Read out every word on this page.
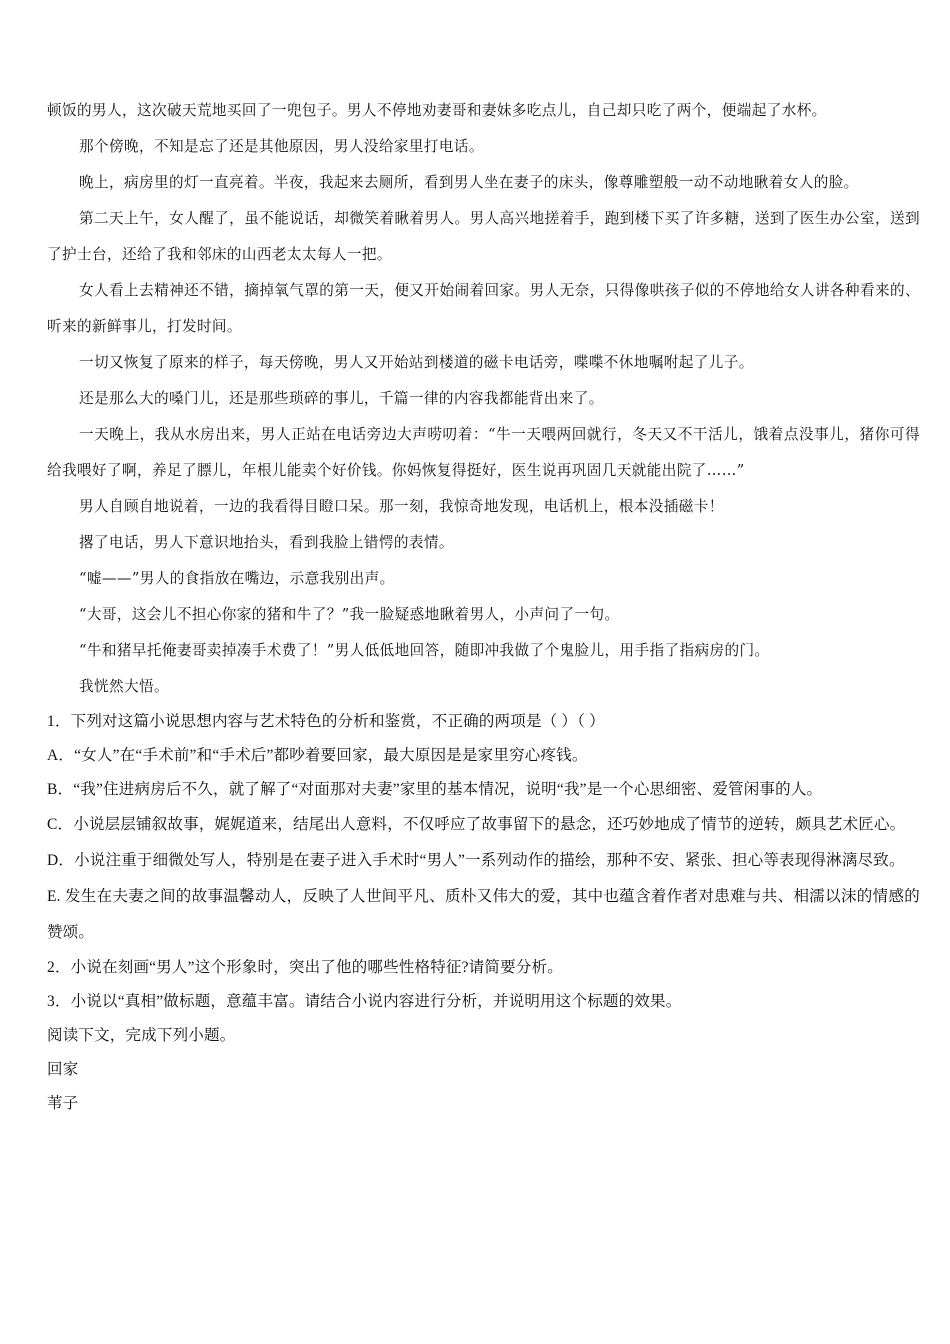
顿饭的男人，这次破天荒地买回了一兜包子。男人不停地劝妻哥和妻妹多吃点儿，自己却只吃了两个，便端起了水杯。

那个傍晚，不知是忘了还是其他原因，男人没给家里打电话。

晚上，病房里的灯一直亮着。半夜，我起来去厕所，看到男人坐在妻子的床头，像尊雕塑般一动不动地瞅着女人的脸。

第二天上午，女人醒了，虽不能说话，却微笑着瞅着男人。男人高兴地搓着手，跑到楼下买了许多糖，送到了医生办公室，送到了护士台，还给了我和邻床的山西老太太每人一把。

女人看上去精神还不错，摘掉氧气罩的第一天，便又开始闹着回家。男人无奈，只得像哄孩子似的不停地给女人讲各种看来的、听来的新鲜事儿，打发时间。

一切又恢复了原来的样子，每天傍晚，男人又开始站到楼道的磁卡电话旁，喋喋不休地嘱咐起了儿子。

还是那么大的嗓门儿，还是那些琐碎的事儿，千篇一律的内容我都能背出来了。

一天晚上，我从水房出来，男人正站在电话旁边大声唠叨着：“牛一天喂两回就行，冬天又不干活儿，饿着点没事儿，猪你可得给我喂好了啊，养足了膘儿，年根儿能卖个好价钱。你妈恢复得挺好，医生说再巩固几天就能出院了……”

男人自顾自地说着，一边的我看得目瞪口呆。那一刻，我惊奇地发现，电话机上，根本没插磁卡！

撂了电话，男人下意识地抬头，看到我脸上错愕的表情。

“嘘——”男人的食指放在嘴边，示意我别出声。

“大哥，这会儿不担心你家的猪和牛了？”我一脸疑惑地瞅着男人，小声问了一句。

“牛和猪早托俺妻哥卖掉凑手术费了！”男人低低地回答，随即冲我做了个鬼脸儿，用手指了指病房的门。

我恍然大悟。

1．下列对这篇小说思想内容与艺术特色的分析和鉴赏，不正确的两项是（ ）（ ）

A．“女人”在“手术前”和“手术后”都吵着要回家，最大原因是是家里穷心疼钱。

B．“我”住进病房后不久，就了解了“对面那对夫妻”家里的基本情况，说明“我”是一个心思细密、爱管闲事的人。

C．小说层层铺叙故事，娓娓道来，结尾出人意料，不仅呼应了故事留下的悬念，还巧妙地成了情节的逆转，颇具艺术匠心。

D．小说注重于细微处写人，特别是在妻子进入手术时“男人”一系列动作的描绘，那种不安、紧张、担心等表现得淋漓尽致。

E. 发生在夫妻之间的故事温馨动人，反映了人世间平凡、质朴又伟大的爱，其中也蕴含着作者对患难与共、相濡以沫的情感的赞颂。

2．小说在刻画“男人”这个形象时，突出了他的哪些性格特征?请简要分析。

3．小说以“真相”做标题，意蕴丰富。请结合小说内容进行分析，并说明用这个标题的效果。

阅读下文，完成下列小题。

回家

苇子
